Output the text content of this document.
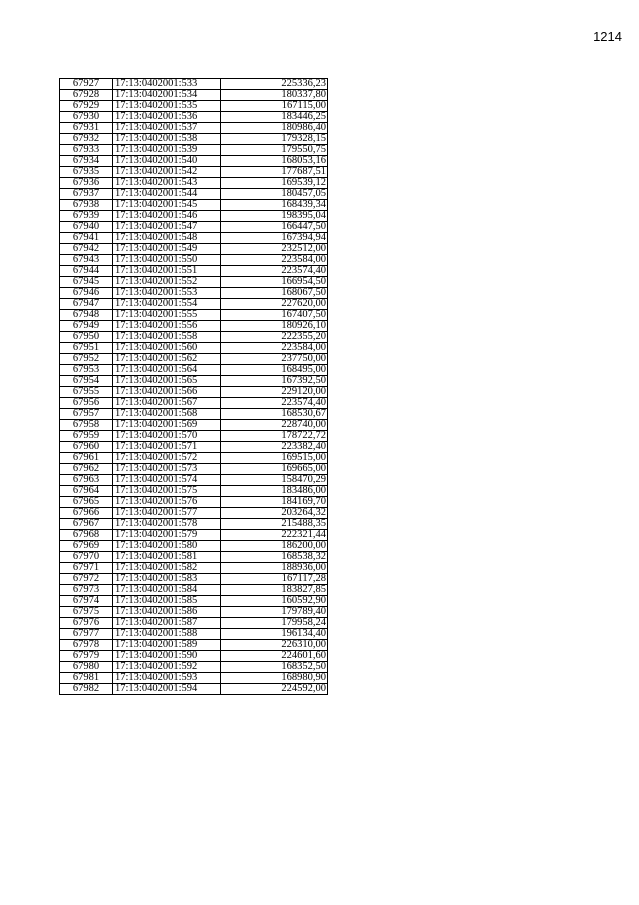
1214
67927	17:13:0402001:533	225336,23
67928	17:13:0402001:534	180337,80
67929	17:13:0402001:535	167115,00
67930	17:13:0402001:536	183446,25
67931	17:13:0402001:537	180986,40
67932	17:13:0402001:538	179328,15
67933	17:13:0402001:539	179550,75
67934	17:13:0402001:540	168053,16
67935	17:13:0402001:542	177687,51
67936	17:13:0402001:543	169539,12
67937	17:13:0402001:544	180457,05
67938	17:13:0402001:545	168439,34
67939	17:13:0402001:546	198395,04
67940	17:13:0402001:547	166447,50
67941	17:13:0402001:548	167394,94
67942	17:13:0402001:549	232512,00
67943	17:13:0402001:550	223584,00
67944	17:13:0402001:551	223574,40
67945	17:13:0402001:552	166954,50
67946	17:13:0402001:553	168067,50
67947	17:13:0402001:554	227620,00
67948	17:13:0402001:555	167407,50
67949	17:13:0402001:556	180926,10
67950	17:13:0402001:558	222355,20
67951	17:13:0402001:560	223584,00
67952	17:13:0402001:562	237750,00
67953	17:13:0402001:564	168495,00
67954	17:13:0402001:565	167392,50
67955	17:13:0402001:566	229120,00
67956	17:13:0402001:567	223574,40
67957	17:13:0402001:568	168530,67
67958	17:13:0402001:569	228740,00
67959	17:13:0402001:570	178722,72
67960	17:13:0402001:571	223382,40
67961	17:13:0402001:572	169515,00
67962	17:13:0402001:573	169665,00
67963	17:13:0402001:574	158470,29
67964	17:13:0402001:575	183486,00
67965	17:13:0402001:576	184169,70
67966	17:13:0402001:577	203264,32
67967	17:13:0402001:578	215488,35
67968	17:13:0402001:579	222321,44
67969	17:13:0402001:580	186200,00
67970	17:13:0402001:581	168538,32
67971	17:13:0402001:582	188936,00
67972	17:13:0402001:583	167117,28
67973	17:13:0402001:584	183827,85
67974	17:13:0402001:585	160592,90
67975	17:13:0402001:586	179789,40
67976	17:13:0402001:587	179958,24
67977	17:13:0402001:588	196134,40
67978	17:13:0402001:589	226310,00
67979	17:13:0402001:590	224601,60
67980	17:13:0402001:592	168352,50
67981	17:13:0402001:593	168980,90
67982	17:13:0402001:594	224592,00
